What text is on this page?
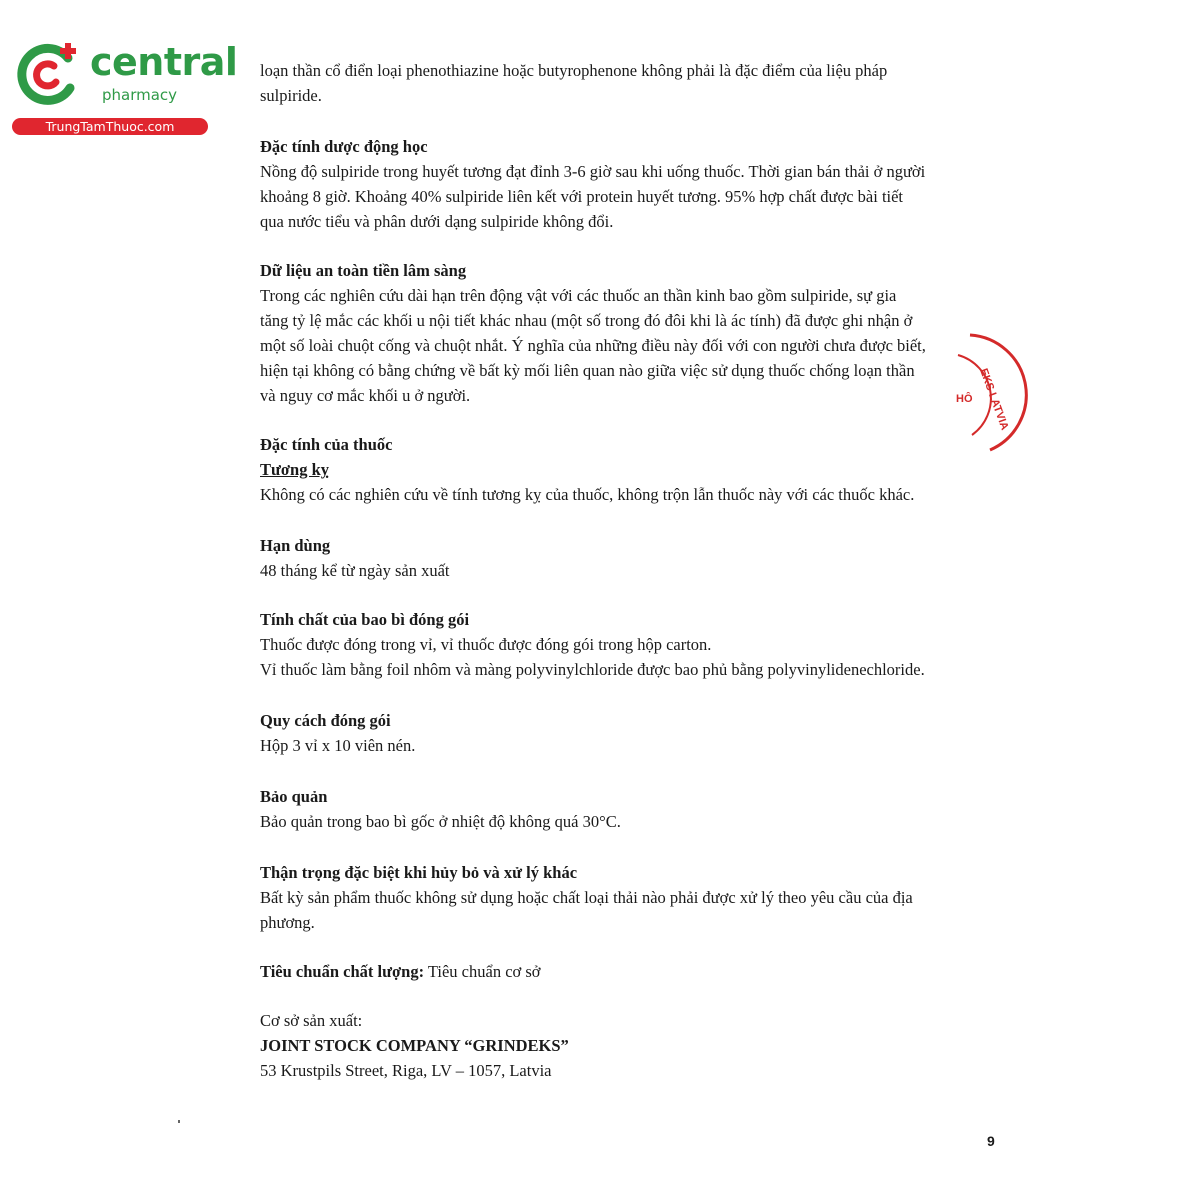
central
pharmacy
TrungTamThuoc.com

loạn thần cổ điển loại phenothiazine hoặc butyrophenone không phải là đặc điểm của liệu pháp

sulpiride.

Đặc tính dược động học

Nồng độ sulpiride trong huyết tương đạt đỉnh 3-6 giờ sau khi uống thuốc. Thời gian bán thải ở người

khoảng 8 giờ. Khoảng 40% sulpiride liên kết với protein huyết tương. 95% hợp chất được bài tiết

qua nước tiểu và phân dưới dạng sulpiride không đổi.

Dữ liệu an toàn tiền lâm sàng

Trong các nghiên cứu dài hạn trên động vật với các thuốc an thần kinh bao gồm sulpiride, sự gia

tăng tỷ lệ mắc các khối u nội tiết khác nhau (một số trong đó đôi khi là ác tính) đã được ghi nhận ở

một số loài chuột cống và chuột nhắt. Ý nghĩa của những điều này đối với con người chưa được biết,

hiện tại không có bằng chứng về bất kỳ mối liên quan nào giữa việc sử dụng thuốc chống loạn thần

và nguy cơ mắc khối u ở người.

Đặc tính của thuốc

Tương kỵ

Không có các nghiên cứu về tính tương kỵ của thuốc, không trộn lẫn thuốc này với các thuốc khác.

Hạn dùng

48 tháng kể từ ngày sản xuất

Tính chất của bao bì đóng gói

Thuốc được đóng trong vỉ, vỉ thuốc được đóng gói trong hộp carton.

Vỉ thuốc làm bằng foil nhôm và màng polyvinylchloride được bao phủ bằng polyvinylidenechloride.

Quy cách đóng gói

Hộp 3 vỉ x 10 viên nén.

Bảo quản

Bảo quản trong bao bì gốc ở nhiệt độ không quá 30°C.

Thận trọng đặc biệt khi hủy bỏ và xử lý khác

Bất kỳ sản phẩm thuốc không sử dụng hoặc chất loại thải nào phải được xử lý theo yêu cầu của địa

phương.

Tiêu chuẩn chất lượng: Tiêu chuẩn cơ sở

Cơ sở sản xuất:

JOINT STOCK COMPANY “GRINDEKS”

53 Krustpils Street, Riga, LV – 1057, Latvia

EKS LATVIA
HÔ
9
